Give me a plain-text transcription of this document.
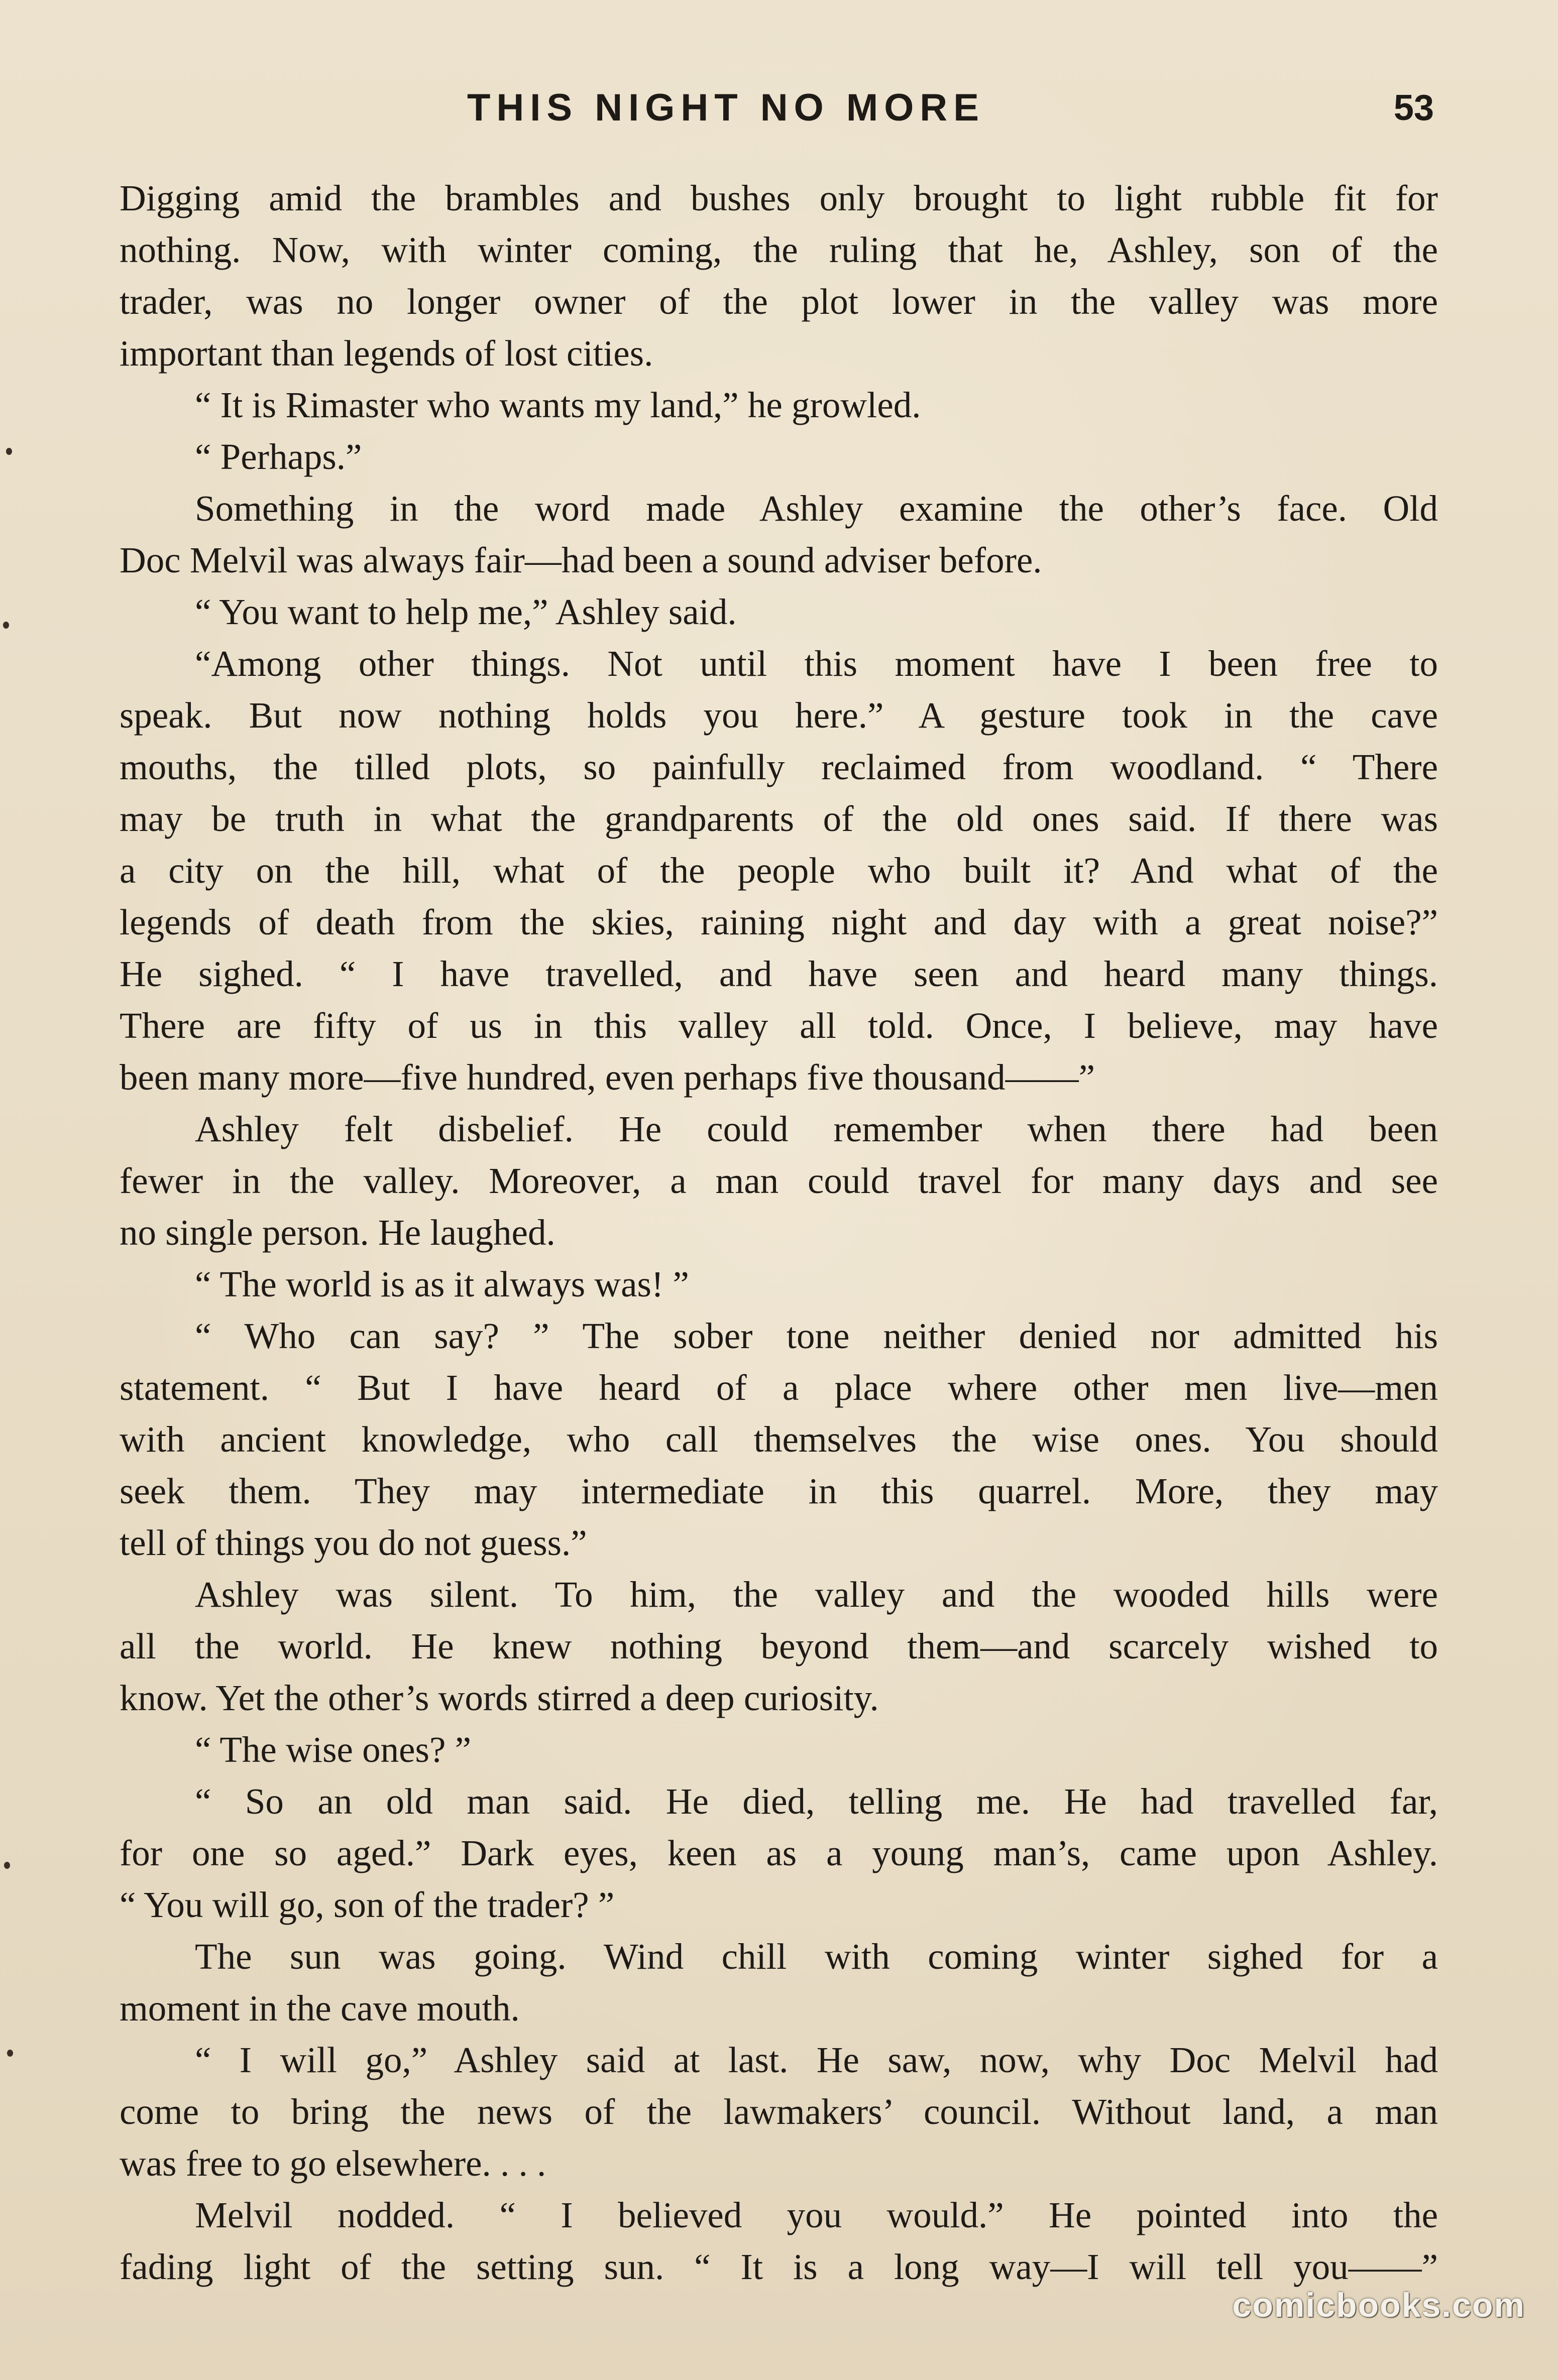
THIS NIGHT NO MORE	53
Digging amid the brambles and bushes only brought to light rubble fit for
nothing. Now, with winter coming, the ruling that he, Ashley, son of the
trader, was no longer owner of the plot lower in the valley was more
important than legends of lost cities.
“ It is Rimaster who wants my land,” he growled.
“ Perhaps.”
Something in the word made Ashley examine the other’s face. Old
Doc Melvil was always fair—had been a sound adviser before.
“ You want to help me,” Ashley said.
“Among other things. Not until this moment have I been free to
speak. But now nothing holds you here.” A gesture took in the cave
mouths, the tilled plots, so painfully reclaimed from woodland. “ There
may be truth in what the grandparents of the old ones said. If there was
a city on the hill, what of the people who built it? And what of the
legends of death from the skies, raining night and day with a great noise?”
He sighed. “ I have travelled, and have seen and heard many things.
There are fifty of us in this valley all told. Once, I believe, may have
been many more—five hundred, even perhaps five thousand——”
Ashley felt disbelief. He could remember when there had been
fewer in the valley. Moreover, a man could travel for many days and see
no single person. He laughed.
“ The world is as it always was! ”
“ Who can say? ” The sober tone neither denied nor admitted his
statement. “ But I have heard of a place where other men live—men
with ancient knowledge, who call themselves the wise ones. You should
seek them. They may intermediate in this quarrel. More, they may
tell of things you do not guess.”
Ashley was silent. To him, the valley and the wooded hills were
all the world. He knew nothing beyond them—and scarcely wished to
know. Yet the other’s words stirred a deep curiosity.
“ The wise ones? ”
“ So an old man said. He died, telling me. He had travelled far,
for one so aged.” Dark eyes, keen as a young man’s, came upon Ashley.
“ You will go, son of the trader? ”
The sun was going. Wind chill with coming winter sighed for a
moment in the cave mouth.
“ I will go,” Ashley said at last. He saw, now, why Doc Melvil had
come to bring the news of the lawmakers’ council. Without land, a man
was free to go elsewhere. . . .
Melvil nodded. “ I believed you would.” He pointed into the
fading light of the setting sun. “ It is a long way—I will tell you——”
comicbooks.com
